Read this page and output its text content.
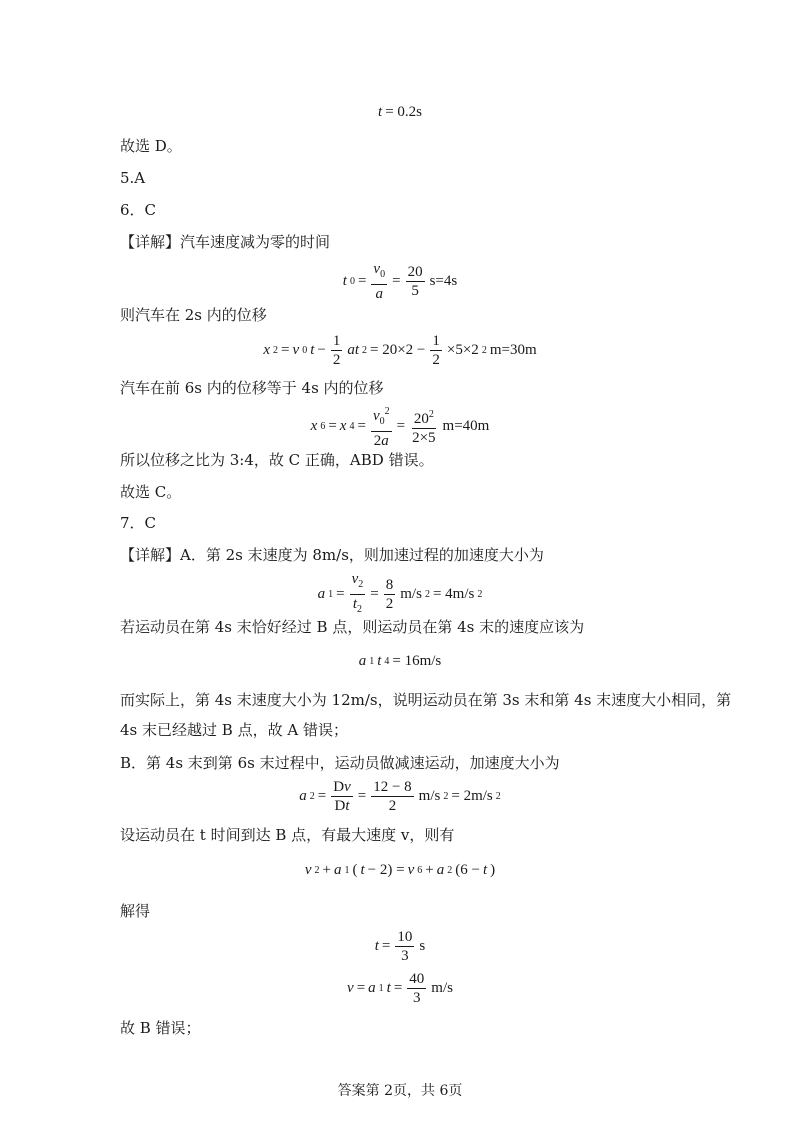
t = 0.2s
故选 D。
5.A
6．C
【详解】汽车速度减为零的时间
t $0 = \frac{v_0}{a} = \frac{20}{5} s=4s$
则汽车在 2s 内的位移
x 2 = v 0 $t - \frac{1}{2}$ at $2 = 20\times 2 - \frac{1}{2} \times 5\times 2$ 2 m=30m
汽车在前 6s 内的位移等于 4s 内的位移
x 6 = x $4 = \frac{v_0^2}{2a} = \frac{20^2}{2\times 5} m=40m$
所以位移之比为 3:4，故 C 正确，ABD 错误。
故选 C。
7．C
【详解】A．第 2s 末速度为 8m/s，则加速过程的加速度大小为
a $1 = \frac{v_2}{t_2} = \frac{8}{2} m/s$ 2 = 4m/s 2
若运动员在第 4s 末恰好经过 B 点，则运动员在第 4s 末的速度应该为
a 1 t 4 = 16m/s
而实际上，第 4s 末速度大小为 12m/s，说明运动员在第 3s 末和第 4s 末速度大小相同，第
4s 末已经越过 B 点，故 A 错误；
B．第 4s 末到第 6s 末过程中，运动员做减速运动，加速度大小为
a $2 = \frac{Dv}{Dt} = \frac{12 - 8}{2} m/s$ 2 = 2m/s 2
设运动员在 t 时间到达 B 点，有最大速度 v，则有
v 2 + a 1 ( t − 2) = v 6 + a 2 (6 − t )
解得
$t = \frac{10}{3}$ s
v = a 1 $t = \frac{40}{3} m/s$
故 B 错误；
答案第 2页，共 6页
